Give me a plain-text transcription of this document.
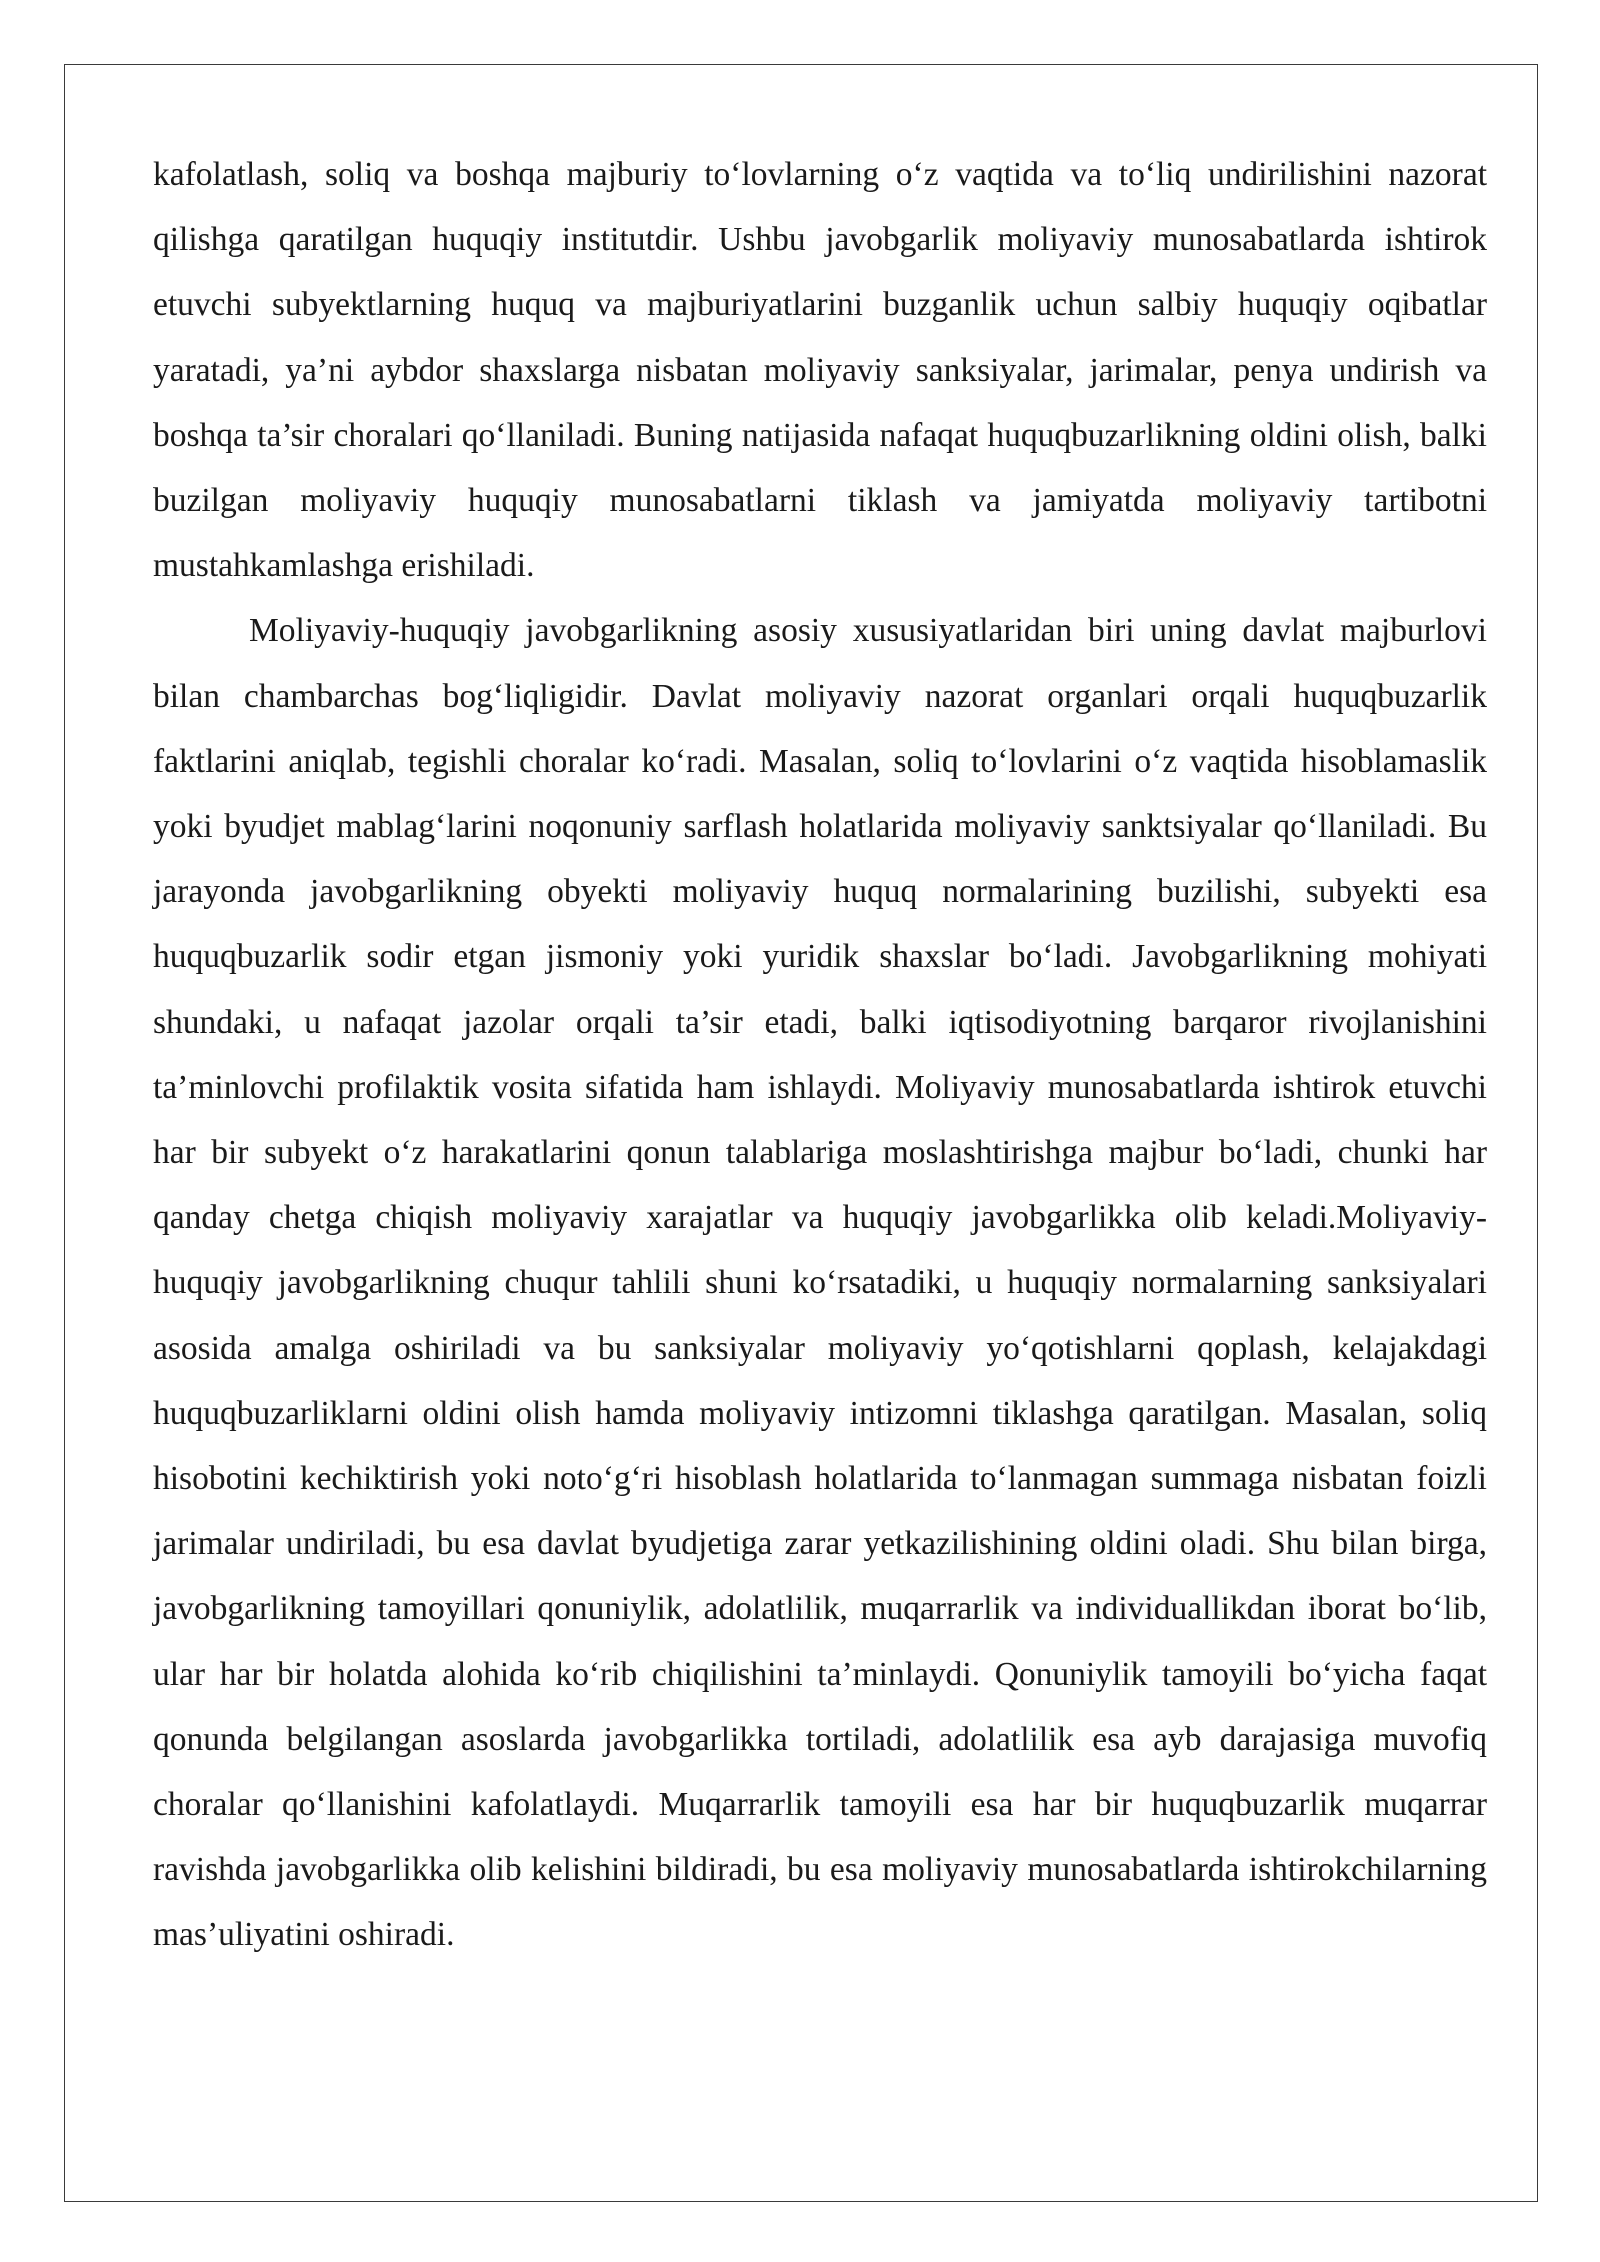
kafolatlash, soliq va boshqa majburiy to‘lovlarning o‘z vaqtida va to‘liq undirilishini nazorat qilishga qaratilgan huquqiy institutdir. Ushbu javobgarlik moliyaviy munosabatlarda ishtirok etuvchi subyektlarning huquq va majburiyatlarini buzganlik uchun salbiy huquqiy oqibatlar yaratadi, ya’ni aybdor shaxslarga nisbatan moliyaviy sanksiyalar, jarimalar, penya undirish va boshqa ta’sir choralari qo‘llaniladi. Buning natijasida nafaqat huquqbuzarlikning oldini olish, balki buzilgan moliyaviy huquqiy munosabatlarni tiklash va jamiyatda moliyaviy tartibotni mustahkamlashga erishiladi.

Moliyaviy-huquqiy javobgarlikning asosiy xususiyatlaridan biri uning davlat majburlovi bilan chambarchas bog‘liqligidir. Davlat moliyaviy nazorat organlari orqali huquqbuzarlik faktlarini aniqlab, tegishli choralar ko‘radi. Masalan, soliq to‘lovlarini o‘z vaqtida hisoblamaslik yoki byudjet mablag‘larini noqonuniy sarflash holatlarida moliyaviy sanktsiyalar qo‘llaniladi. Bu jarayonda javobgarlikning obyekti moliyaviy huquq normalarining buzilishi, subyekti esa huquqbuzarlik sodir etgan jismoniy yoki yuridik shaxslar bo‘ladi. Javobgarlikning mohiyati shundaki, u nafaqat jazolar orqali ta’sir etadi, balki iqtisodiyotning barqaror rivojlanishini ta’minlovchi profilaktik vosita sifatida ham ishlaydi. Moliyaviy munosabatlarda ishtirok etuvchi har bir subyekt o‘z harakatlarini qonun talablariga moslashtirishga majbur bo‘ladi, chunki har qanday chetga chiqish moliyaviy xarajatlar va huquqiy javobgarlikka olib keladi.Moliyaviy-huquqiy javobgarlikning chuqur tahlili shuni ko‘rsatadiki, u huquqiy normalarning sanksiyalari asosida amalga oshiriladi va bu sanksiyalar moliyaviy yo‘qotishlarni qoplash, kelajakdagi huquqbuzarliklarni oldini olish hamda moliyaviy intizomni tiklashga qaratilgan. Masalan, soliq hisobotini kechiktirish yoki noto‘g‘ri hisoblash holatlarida to‘lanmagan summaga nisbatan foizli jarimalar undiriladi, bu esa davlat byudjetiga zarar yetkazilishining oldini oladi. Shu bilan birga, javobgarlikning tamoyillari qonuniylik, adolatlilik, muqarrarlik va individuallikdan iborat bo‘lib, ular har bir holatda alohida ko‘rib chiqilishini ta’minlaydi. Qonuniylik tamoyili bo‘yicha faqat qonunda belgilangan asoslarda javobgarlikka tortiladi, adolatlilik esa ayb darajasiga muvofiq choralar qo‘llanishini kafolatlaydi. Muqarrarlik tamoyili esa har bir huquqbuzarlik muqarrar ravishda javobgarlikka olib kelishini bildiradi, bu esa moliyaviy munosabatlarda ishtirokchilarning mas’uliyatini oshiradi.
